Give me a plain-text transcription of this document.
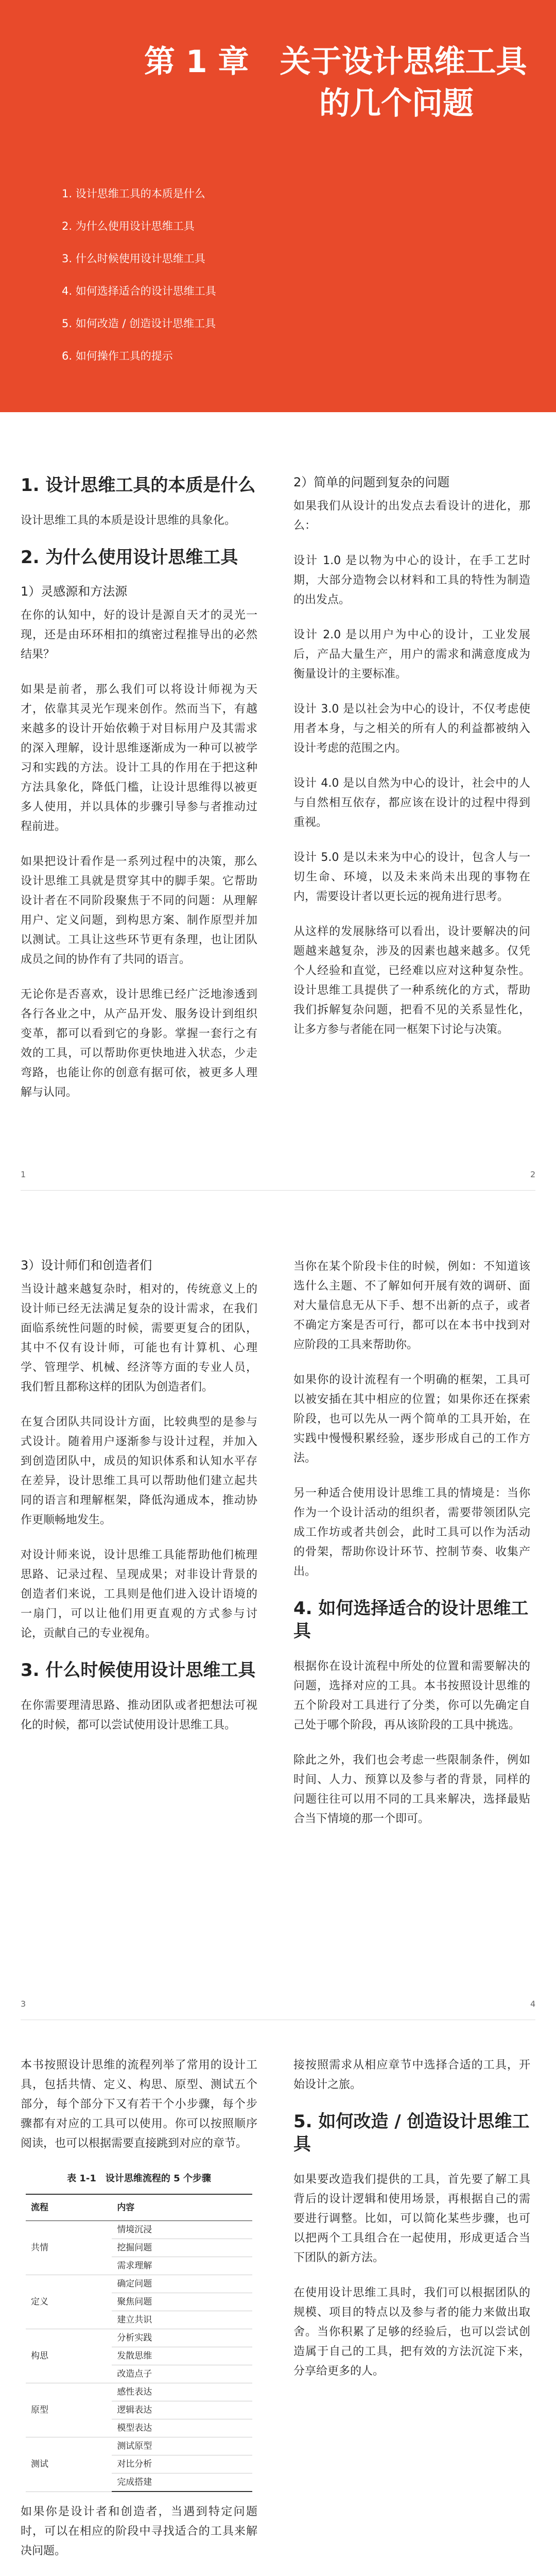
第 1 章　关于设计思维工具
的几个问题
1. 设计思维工具的本质是什么
2. 为什么使用设计思维工具
3. 什么时候使用设计思维工具
4. 如何选择适合的设计思维工具
5. 如何改造 / 创造设计思维工具
6. 如何操作工具的提示
1. 设计思维工具的本质是什么

设计思维工具的本质是设计思维的具象化。

2. 为什么使用设计思维工具
1）灵感源和方法源

在你的认知中，好的设计是源自天才的灵光一现，还是由环环相扣的缜密过程推导出的必然结果？

如果是前者，那么我们可以将设计师视为天才，依靠其灵光乍现来创作。然而当下，有越来越多的设计开始依赖于对目标用户及其需求的深入理解，设计思维逐渐成为一种可以被学习和实践的方法。设计工具的作用在于把这种方法具象化，降低门槛，让设计思维得以被更多人使用，并以具体的步骤引导参与者推动过程前进。

如果把设计看作是一系列过程中的决策，那么设计思维工具就是贯穿其中的脚手架。它帮助设计者在不同阶段聚焦于不同的问题：从理解用户、定义问题，到构思方案、制作原型并加以测试。工具让这些环节更有条理，也让团队成员之间的协作有了共同的语言。

无论你是否喜欢，设计思维已经广泛地渗透到各行各业之中，从产品开发、服务设计到组织变革，都可以看到它的身影。掌握一套行之有效的工具，可以帮助你更快地进入状态，少走弯路，也能让你的创意有据可依，被更多人理解与认同。

2）简单的问题到复杂的问题

如果我们从设计的出发点去看设计的进化，那么：

设计 1.0 是以物为中心的设计，在手工艺时期，大部分造物会以材料和工具的特性为制造的出发点。

设计 2.0 是以用户为中心的设计，工业发展后，产品大量生产，用户的需求和满意度成为衡量设计的主要标准。

设计 3.0 是以社会为中心的设计，不仅考虑使用者本身，与之相关的所有人的利益都被纳入设计考虑的范围之内。

设计 4.0 是以自然为中心的设计，社会中的人与自然相互依存，都应该在设计的过程中得到重视。

设计 5.0 是以未来为中心的设计，包含人与一切生命、环境，以及未来尚未出现的事物在内，需要设计者以更长远的视角进行思考。

从这样的发展脉络可以看出，设计要解决的问题越来越复杂，涉及的因素也越来越多。仅凭个人经验和直觉，已经难以应对这种复杂性。设计思维工具提供了一种系统化的方式，帮助我们拆解复杂问题，把看不见的关系显性化，让多方参与者能在同一框架下讨论与决策。

1	2
3）设计师们和创造者们

当设计越来越复杂时，相对的，传统意义上的设计师已经无法满足复杂的设计需求，在我们面临系统性问题的时候，需要更复合的团队，其中不仅有设计师，可能也有计算机、心理学、管理学、机械、经济等方面的专业人员，我们暂且都称这样的团队为创造者们。

在复合团队共同设计方面，比较典型的是参与式设计。随着用户逐渐参与设计过程，并加入到创造团队中，成员的知识体系和认知水平存在差异，设计思维工具可以帮助他们建立起共同的语言和理解框架，降低沟通成本，推动协作更顺畅地发生。

对设计师来说，设计思维工具能帮助他们梳理思路、记录过程、呈现成果；对非设计背景的创造者们来说，工具则是他们进入设计语境的一扇门，可以让他们用更直观的方式参与讨论，贡献自己的专业视角。

3. 什么时候使用设计思维工具

在你需要理清思路、推动团队或者把想法可视化的时候，都可以尝试使用设计思维工具。

当你在某个阶段卡住的时候，例如：不知道该选什么主题、不了解如何开展有效的调研、面对大量信息无从下手、想不出新的点子，或者不确定方案是否可行，都可以在本书中找到对应阶段的工具来帮助你。

如果你的设计流程有一个明确的框架，工具可以被安插在其中相应的位置；如果你还在探索阶段，也可以先从一两个简单的工具开始，在实践中慢慢积累经验，逐步形成自己的工作方法。

另一种适合使用设计思维工具的情境是：当你作为一个设计活动的组织者，需要带领团队完成工作坊或者共创会，此时工具可以作为活动的骨架，帮助你设计环节、控制节奏、收集产出。

4. 如何选择适合的设计思维工具

根据你在设计流程中所处的位置和需要解决的问题，选择对应的工具。本书按照设计思维的五个阶段对工具进行了分类，你可以先确定自己处于哪个阶段，再从该阶段的工具中挑选。

除此之外，我们也会考虑一些限制条件，例如时间、人力、预算以及参与者的背景，同样的问题往往可以用不同的工具来解决，选择最贴合当下情境的那一个即可。

3	4

本书按照设计思维的流程列举了常用的设计工具，包括共情、定义、构思、原型、测试五个部分，每个部分下又有若干个小步骤，每个步骤都有对应的工具可以使用。你可以按照顺序阅读，也可以根据需要直接跳到对应的章节。

表 1-1　设计思维流程的 5 个步骤
流程	内容
共情	情境沉浸
	挖掘问题
	需求理解
定义	确定问题
	聚焦问题
	建立共识
构思	分析实践
	发散思维
	改造点子
原型	感性表达
	逻辑表达
	模型表达
测试	测试原型
	对比分析
	完成搭建

如果你是设计者和创造者，当遇到特定问题时，可以在相应的阶段中寻找适合的工具来解决问题。

接按照需求从相应章节中选择合适的工具，开始设计之旅。

5. 如何改造 / 创造设计思维工具

如果要改造我们提供的工具，首先要了解工具背后的设计逻辑和使用场景，再根据自己的需要进行调整。比如，可以简化某些步骤，也可以把两个工具组合在一起使用，形成更适合当下团队的新方法。

在使用设计思维工具时，我们可以根据团队的规模、项目的特点以及参与者的能力来做出取舍。当你积累了足够的经验后，也可以尝试创造属于自己的工具，把有效的方法沉淀下来，分享给更多的人。
